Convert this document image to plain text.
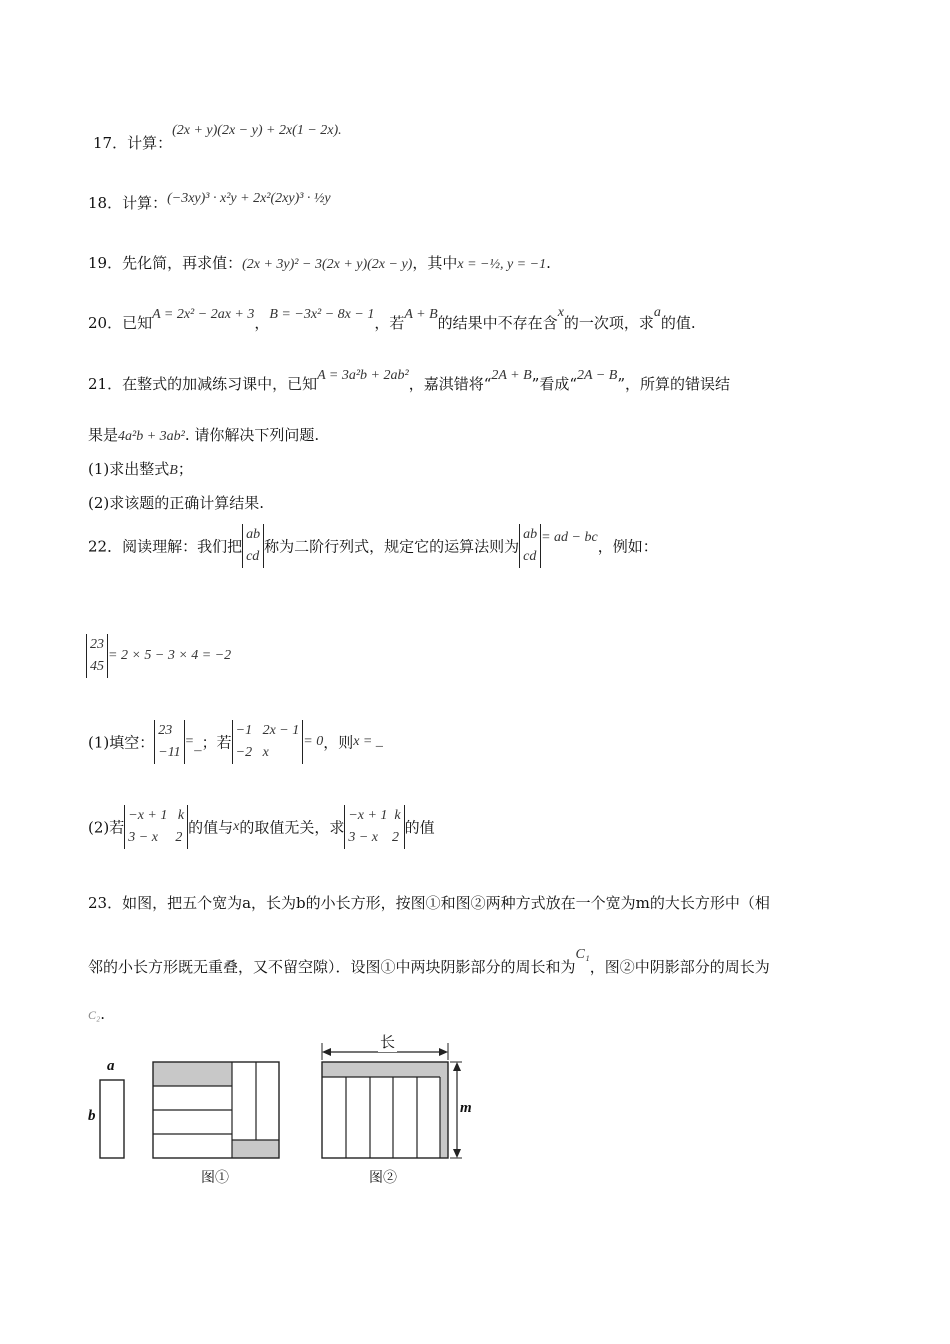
17．计算：(2x + y)(2x − y) + 2x(1 − 2x).
18．计算：(−3xy)³ · x²y + 2x²(2xy)³ · ½y
19．先化简，再求值：(2x + 3y)² − 3(2x + y)(2x − y)，其中x = −½, y = −1.
20．已知A = 2x² − 2ax + 3，B = −3x² − 8x − 1，若A + B的结果中不存在含x的一次项，求a的值.
21．在整式的加减练习课中，已知A = 3a²b + 2ab²，嘉淇错将“2A + B”看成“2A − B”，所算的错误结
果是4a²b + 3ab². 请你解决下列问题.
(1)求出整式B；
(2)求该题的正确计算结果.
22．阅读理解：我们把
ab
cd
称为二阶行列式，规定它的运算法则为
ab
cd
= ad − bc，例如：
23
45
= 2 × 5 − 3 × 4 = −2
(1)填空：
23
−11
=_；若
−1   2x − 1
−2   x
= 0，则x = _
(2)若
−x + 1   k
3 − x     2
的值与x的取值无关，求
−x + 1  k
3 − x    2
的值
23．如图，把五个宽为a，长为b的小长方形，按图①和图②两种方式放在一个宽为m的大长方形中（相
邻的小长方形既无重叠，又不留空隙）．设图①中两块阴影部分的周长和为C₁，图②中阴影部分的周长为
C₂.
a
b
图①	图②
长
m
